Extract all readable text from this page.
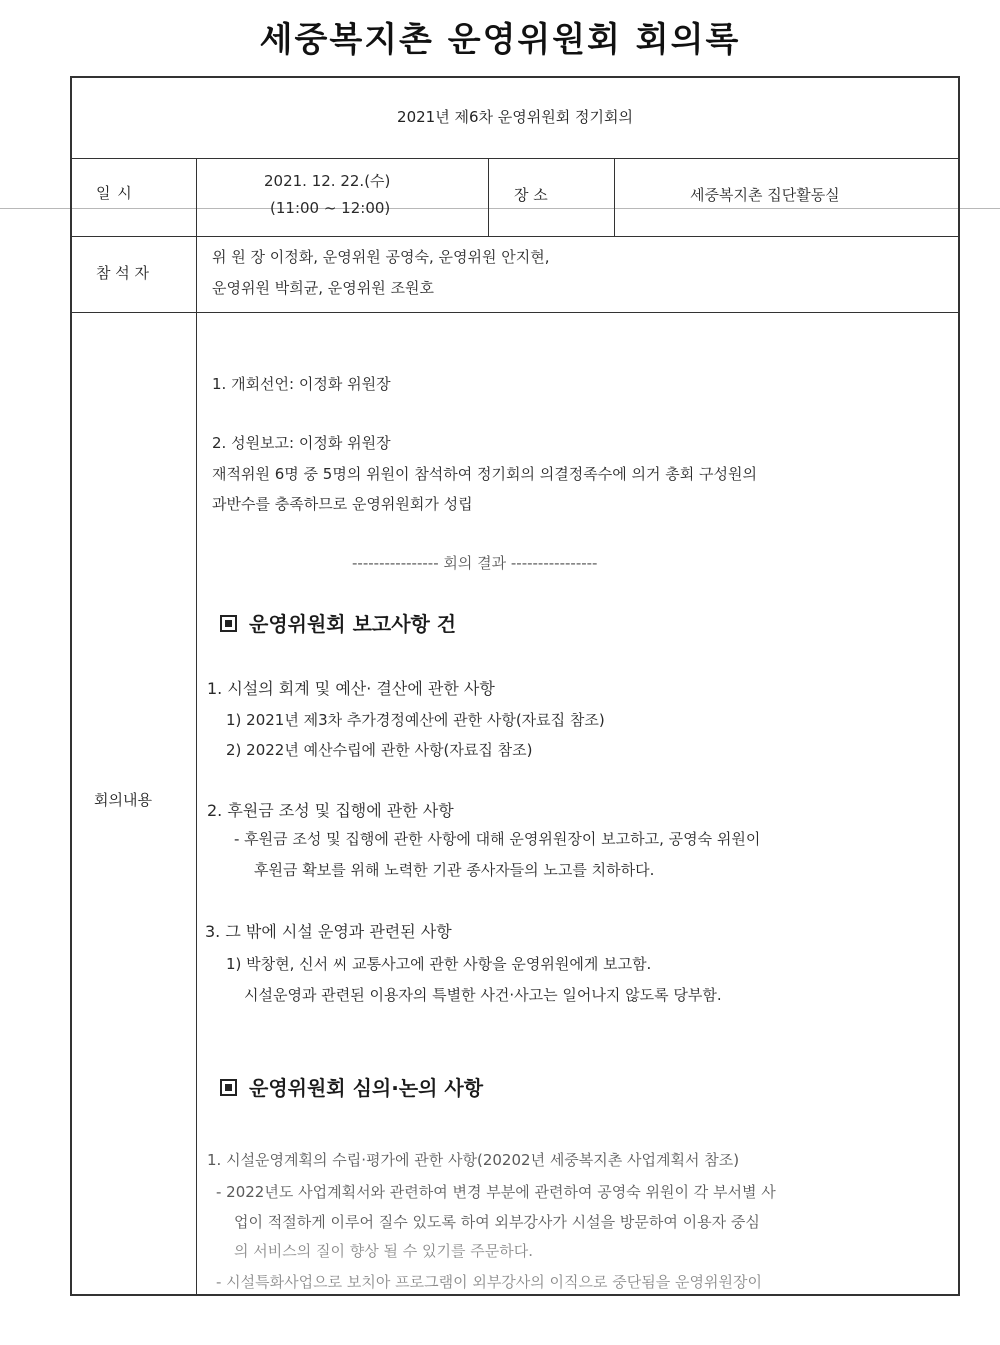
세중복지촌 운영위원회 회의록
2021년 제6차 운영위원회 정기회의
일 시
2021. 12. 22.(수)
(11:00 ~ 12:00)
장 소	세중복지촌 집단활동실
참 석 자
위 원 장 이정화, 운영위원 공영숙, 운영위원 안지현,
운영위원 박희균, 운영위원 조원호
회의내용
1. 개회선언: 이정화 위원장
2. 성원보고: 이정화 위원장
재적위원 6명 중 5명의 위원이 참석하여 정기회의 의결정족수에 의거 총회 구성원의
과반수를 충족하므로 운영위원회가 성립
---------------- 회의 결과 ----------------
운영위원회 보고사항 건
1. 시설의 회계 및 예산· 결산에 관한 사항
1) 2021년 제3차 추가경정예산에 관한 사항(자료집 참조)
2) 2022년 예산수립에 관한 사항(자료집 참조)
2. 후원금 조성 및 집행에 관한 사항
- 후원금 조성 및 집행에 관한 사항에 대해 운영위원장이 보고하고, 공영숙 위원이
후원금 확보를 위해 노력한 기관 종사자들의 노고를 치하하다.
3. 그 밖에 시설 운영과 관련된 사항
1) 박창현, 신서 씨 교통사고에 관한 사항을 운영위원에게 보고함.
시설운영과 관련된 이용자의 특별한 사건·사고는 일어나지 않도록 당부함.
운영위원회 심의·논의 사항
1. 시설운영계획의 수립·평가에 관한 사항(20202년 세중복지촌 사업계획서 참조)
- 2022년도 사업계획서와 관련하여 변경 부분에 관련하여 공영숙 위원이 각 부서별 사
업이 적절하게 이루어 질수 있도록 하여 외부강사가 시설을 방문하여 이용자 중심
의 서비스의 질이 향상 될 수 있기를 주문하다.
- 시설특화사업으로 보치아 프로그램이 외부강사의 이직으로 중단됨을 운영위원장이
